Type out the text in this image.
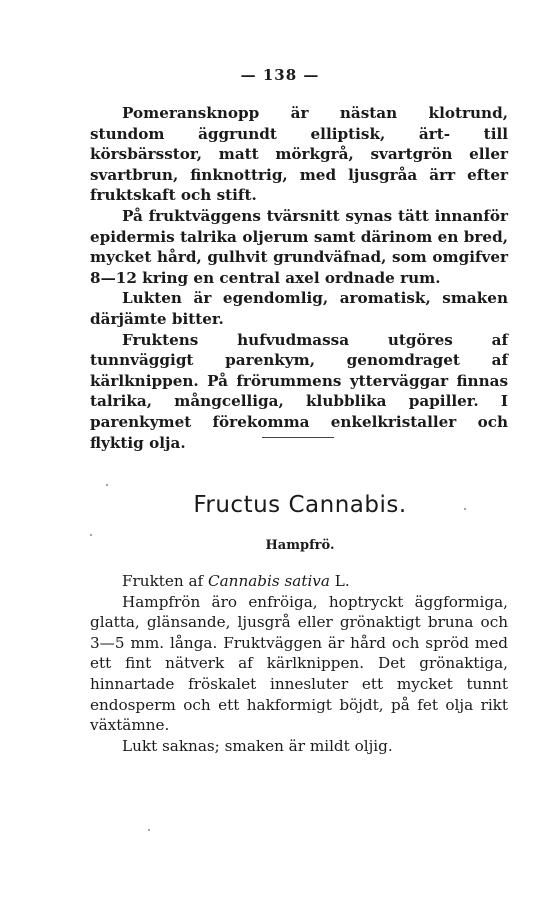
— 138 —

Pomeransknopp är nästan klotrund, stundom äggrundt elliptisk, ärt- till körsbärsstor, matt mörkgrå, svartgrön eller svartbrun, finknottrig, med ljusgråa ärr efter fruktskaft och stift.

På fruktväggens tvärsnitt synas tätt innanför epidermis talrika oljerum samt därinom en bred, mycket hård, gulhvit grundväfnad, som omgifver 8—12 kring en central axel ordnade rum.

Lukten är egendomlig, aromatisk, smaken därjämte bitter.

Fruktens hufvudmassa utgöres af tunnväggigt parenkym, genomdraget af kärlknippen. På frörummens ytterväggar finnas talrika, mångcelliga, klubblika papiller. I parenkymet förekomma enkelkristaller och flyktig olja.

Fructus Cannabis.
Hampfrö.

Frukten af Cannabis sativa L.

Hampfrön äro enfröiga, hoptryckt äggformiga, glatta, glänsande, ljusgrå eller grönaktigt bruna och 3—5 mm. långa. Fruktväggen är hård och spröd med ett fint nätverk af kärlknippen. Det grönaktiga, hinnartade fröskalet innesluter ett mycket tunnt endosperm och ett hakformigt böjdt, på fet olja rikt växtämne.

Lukt saknas; smaken är mildt oljig.
